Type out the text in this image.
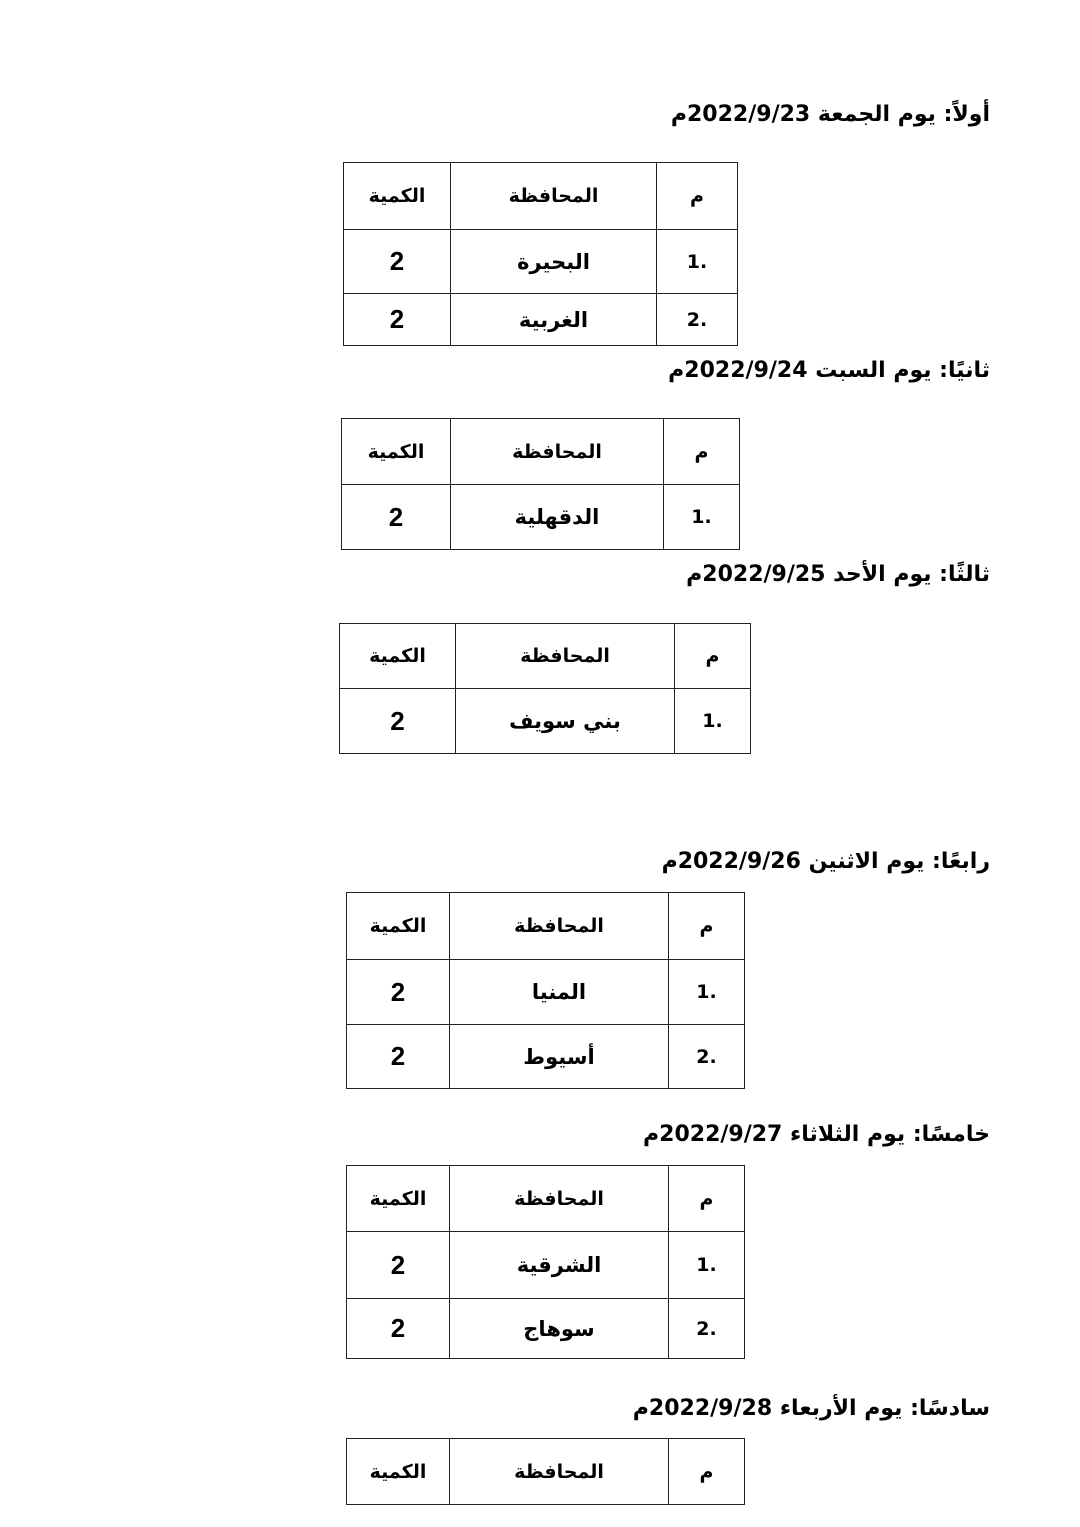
أولاً: يوم الجمعة 2022/9/23م
م	المحافظة	الكمية
1.	البحيرة	2
2.	الغربية	2
ثانيًا: يوم السبت 2022/9/24م
م	المحافظة	الكمية
1.	الدقهلية	2
ثالثًا: يوم الأحد 2022/9/25م
م	المحافظة	الكمية
1.	بني سويف	2
رابعًا: يوم الاثنين 2022/9/26م
م	المحافظة	الكمية
1.	المنيا	2
2.	أسيوط	2
خامسًا: يوم الثلاثاء 2022/9/27م
م	المحافظة	الكمية
1.	الشرقية	2
2.	سوهاج	2
سادسًا: يوم الأربعاء 2022/9/28م
م	المحافظة	الكمية
